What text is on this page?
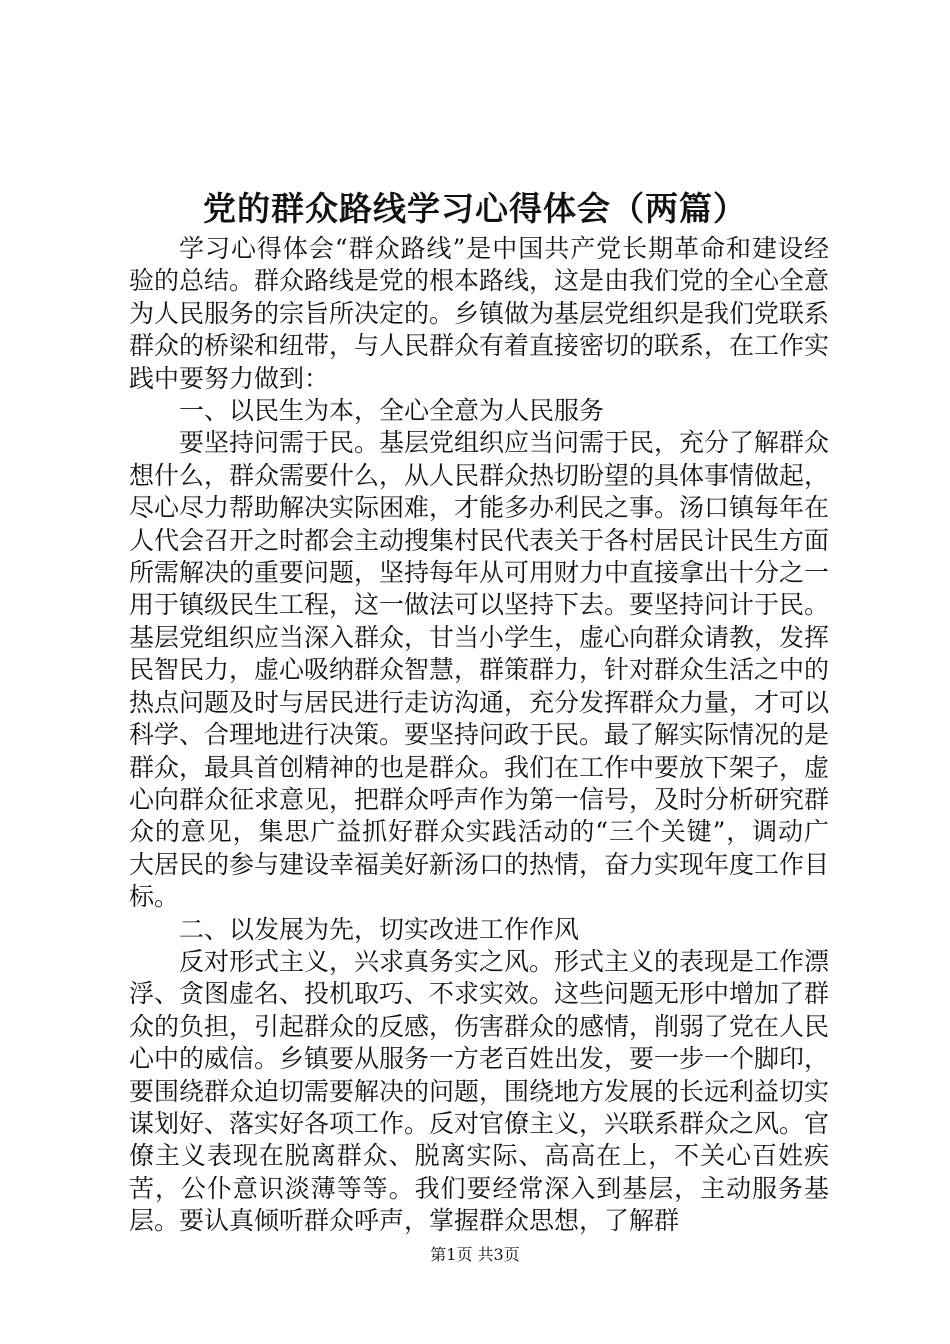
党的群众路线学习心得体会（两篇）

学习心得体会“群众路线”是中国共产党长期革命和建设经验的总结。群众路线是党的根本路线，这是由我们党的全心全意为人民服务的宗旨所决定的。乡镇做为基层党组织是我们党联系群众的桥梁和纽带，与人民群众有着直接密切的联系，在工作实践中要努力做到：

一、以民生为本，全心全意为人民服务

要坚持问需于民。基层党组织应当问需于民，充分了解群众想什么，群众需要什么，从人民群众热切盼望的具体事情做起，尽心尽力帮助解决实际困难，才能多办利民之事。汤口镇每年在人代会召开之时都会主动搜集村民代表关于各村居民计民生方面所需解决的重要问题，坚持每年从可用财力中直接拿出十分之一用于镇级民生工程，这一做法可以坚持下去。要坚持问计于民。基层党组织应当深入群众，甘当小学生，虚心向群众请教，发挥民智民力，虚心吸纳群众智慧，群策群力，针对群众生活之中的热点问题及时与居民进行走访沟通，充分发挥群众力量，才可以科学、合理地进行决策。要坚持问政于民。最了解实际情况的是群众，最具首创精神的也是群众。我们在工作中要放下架子，虚心向群众征求意见，把群众呼声作为第一信号，及时分析研究群众的意见，集思广益抓好群众实践活动的“三个关键”，调动广大居民的参与建设幸福美好新汤口的热情，奋力实现年度工作目标。

二、以发展为先，切实改进工作作风

反对形式主义，兴求真务实之风。形式主义的表现是工作漂浮、贪图虚名、投机取巧、不求实效。这些问题无形中增加了群众的负担，引起群众的反感，伤害群众的感情，削弱了党在人民心中的威信。乡镇要从服务一方老百姓出发，要一步一个脚印，要围绕群众迫切需要解决的问题，围绕地方发展的长远利益切实谋划好、落实好各项工作。反对官僚主义，兴联系群众之风。官僚主义表现在脱离群众、脱离实际、高高在上，不关心百姓疾苦，公仆意识淡薄等等。我们要经常深入到基层，主动服务基层。要认真倾听群众呼声，掌握群众思想，了解群

第1页 共3页
